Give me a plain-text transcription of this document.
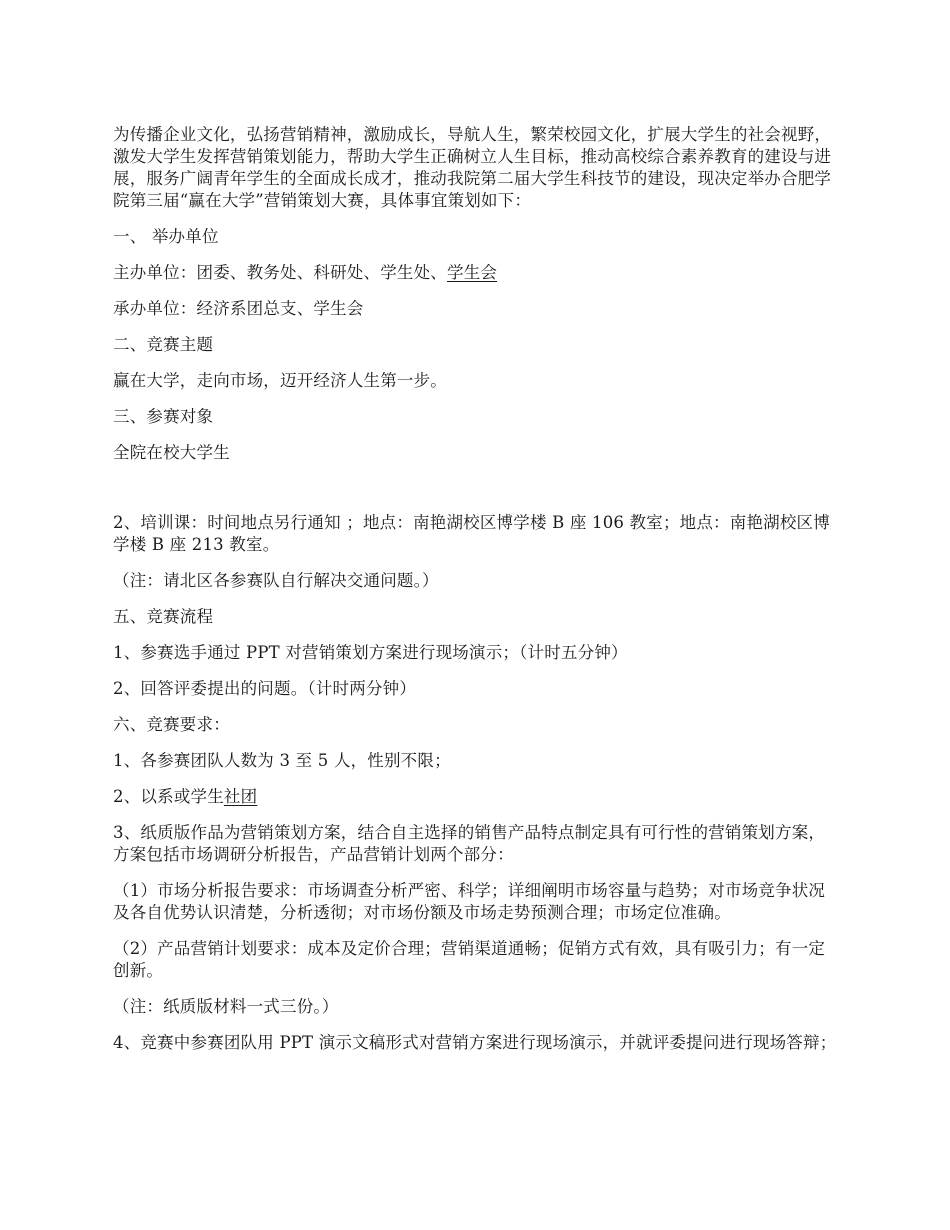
为传播企业文化，弘扬营销精神，激励成长，导航人生，繁荣校园文化，扩展大学生的社会视野，激发大学生发挥营销策划能力，帮助大学生正确树立人生目标，推动高校综合素养教育的建设与进展，服务广阔青年学生的全面成长成才，推动我院第二届大学生科技节的建设，现决定举办合肥学院第三届“赢在大学”营销策划大赛，具体事宜策划如下：

一、 举办单位

主办单位：团委、教务处、科研处、学生处、学生会

承办单位：经济系团总支、学生会

二、竞赛主题

赢在大学，走向市场，迈开经济人生第一步。

三、参赛对象

全院在校大学生

2、培训课：时间地点另行通知 ；地点：南艳湖校区博学楼 B 座 106 教室；地点：南艳湖校区博学楼 B 座 213 教室。

（注：请北区各参赛队自行解决交通问题。）

五、竞赛流程

1、参赛选手通过 PPT 对营销策划方案进行现场演示；（计时五分钟）

2、回答评委提出的问题。（计时两分钟）

六、竞赛要求：

1、各参赛团队人数为 3 至 5 人，性别不限；

2、以系或学生社团

3、纸质版作品为营销策划方案，结合自主选择的销售产品特点制定具有可行性的营销策划方案，方案包括市场调研分析报告，产品营销计划两个部分：

（1）市场分析报告要求：市场调查分析严密、科学；详细阐明市场容量与趋势；对市场竞争状况及各自优势认识清楚，分析透彻；对市场份额及市场走势预测合理；市场定位准确。

（2）产品营销计划要求：成本及定价合理；营销渠道通畅；促销方式有效，具有吸引力；有一定创新。

（注：纸质版材料一式三份。）

4、竞赛中参赛团队用 PPT 演示文稿形式对营销方案进行现场演示，并就评委提问进行现场答辩；
